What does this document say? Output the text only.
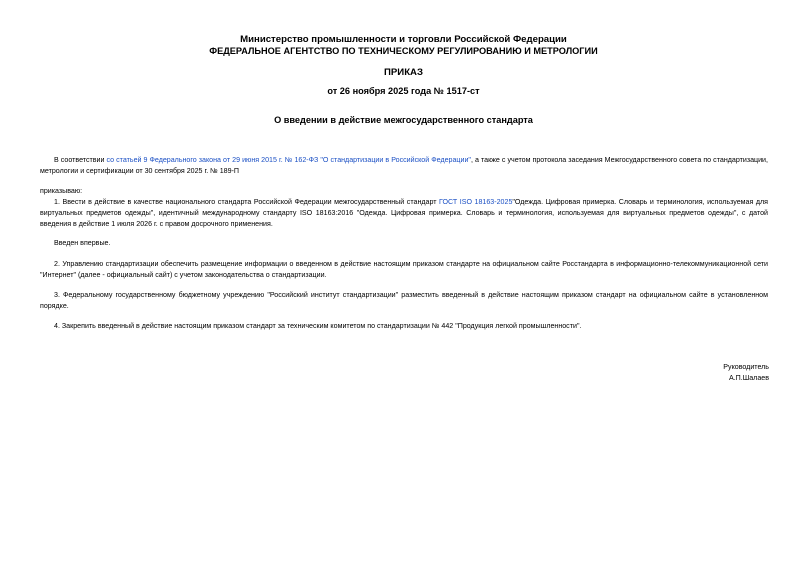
Министерство промышленности и торговли Российской Федерации
ФЕДЕРАЛЬНОЕ АГЕНТСТВО ПО ТЕХНИЧЕСКОМУ РЕГУЛИРОВАНИЮ И МЕТРОЛОГИИ
ПРИКАЗ
от 26 ноября 2025 года № 1517-ст
О введении в действие межгосударственного стандарта
В соответствии со статьей 9 Федерального закона от 29 июня 2015 г. № 162-ФЗ "О стандартизации в Российской Федерации", а также с учетом протокола заседания Межгосударственного совета по стандартизации, метрологии и сертификации от 30 сентября 2025 г. № 189-П
приказываю:
1. Ввести в действие в качестве национального стандарта Российской Федерации межгосударственный стандарт ГОСТ ISO 18163-2025"Одежда. Цифровая примерка. Словарь и терминология, используемая для виртуальных предметов одежды", идентичный международному стандарту ISO 18163:2016 "Одежда. Цифровая примерка. Словарь и терминология, используемая для виртуальных предметов одежды", с датой введения в действие 1 июля 2026 г. с правом досрочного применения.
Введен впервые.
2. Управлению стандартизации обеспечить размещение информации о введенном в действие настоящим приказом стандарте на официальном сайте Росстандарта в информационно-телекоммуникационной сети "Интернет" (далее - официальный сайт) с учетом законодательства о стандартизации.
3. Федеральному государственному бюджетному учреждению "Российский институт стандартизации" разместить введенный в действие настоящим приказом стандарт на официальном сайте в установленном порядке.
4. Закрепить введенный в действие настоящим приказом стандарт за техническим комитетом по стандартизации № 442 "Продукция легкой промышленности".
Руководитель
А.П.Шалаев
